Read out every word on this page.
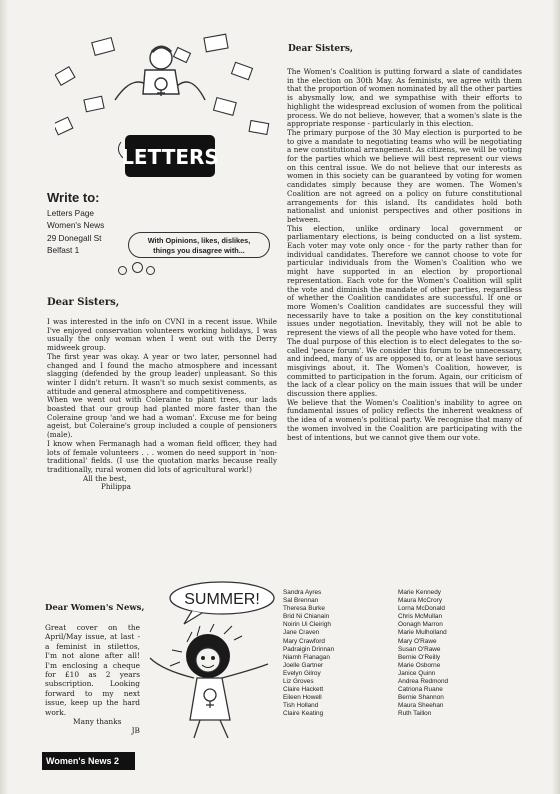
LETTERS
Write to:
Letters Page
Women's News
29 Donegall St
Belfast 1
With Opinions, likes, dislikes,
things you disagree with...
Dear Sisters,

I was interested in the info on CVNI in a recent issue. While I've enjoyed conservation volunteers working holidays, I was usually the only woman when I went out with the Derry midweek group.

The first year was okay. A year or two later, personnel had changed and I found the macho atmosphere and incessant slagging (defended by the group leader) unpleasant. So this winter I didn't return. It wasn't so much sexist comments, as attitude and general atmosphere and competitiveness.

When we went out with Coleraine to plant trees, our lads boasted that our group had planted more faster than the Coleraine group 'and we had a woman'. Excuse me for being ageist, but Coleraine's group included a couple of pensioners (male).

I know when Fermanagh had a woman field officer, they had lots of female volunteers . . . women do need support in 'non-traditional' fields. (I use the quotation marks because really traditionally, rural women did lots of agricultural work!)

All the best,

Philippa

Dear Women's News,

Great cover on the April/May issue, at last - a feminist in stilettos, I'm not alone after all! I'm enclosing a cheque for £10 as 2 years subscription. Looking forward to my next issue, keep up the hard work.

Many thanks

JB

SUMMER!
Dear Sisters,

The Women's Coalition is putting forward a slate of candidates in the election on 30th May. As feminists, we agree with them that the proportion of women nominated by all the other parties is abysmally low, and we sympathise with their efforts to highlight the widespread exclusion of women from the political process. We do not believe, however, that a women's slate is the appropriate response - particularly in this election.

The primary purpose of the 30 May election is purported to be to give a mandate to negotiating teams who will be negotiating a new constitutional arrangement. As citizens, we will be voting for the parties which we believe will best represent our views on this central issue. We do not believe that our interests as women in this society can be guaranteed by voting for women candidates simply because they are women. The Women's Coalition are not agreed on a policy on future constitutional arrangements for this island. Its candidates hold both nationalist and unionist perspectives and other positions in between.

This election, unlike ordinary local government or parliamentary elections, is being conducted on a list system. Each voter may vote only once - for the party rather than for individual candidates. Therefore we cannot choose to vote for particular individuals from the Women's Coalition who we might have supported in an election by proportional representation. Each vote for the Women's Coalition will split the vote and diminish the mandate of other parties, regardless of whether the Coalition candidates are successful. If one or more Women's Coalition candidates are successful they will necessarily have to take a position on the key constitutional issues under negotiation. Inevitably, they will not be able to represent the views of all the people who have voted for them.

The dual purpose of this election is to elect delegates to the so-called 'peace forum'. We consider this forum to be unnecessary, and indeed, many of us are opposed to, or at least have serious misgivings about, it. The Women's Coalition, however, is committed to participation in the forum. Again, our criticism of the lack of a clear policy on the main issues that will be under discussion there applies.

We believe that the Women's Coalition's inability to agree on fundamental issues of policy reflects the inherent weakness of the idea of a women's political party. We recognise that many of the women involved in the Coalition are participating with the best of intentions, but we cannot give them our vote.

Sandra Ayres
Sal Brennan
Theresa Burke
Brid Ni Chianain
Noirin Ui Cleirigh
Jane Craven
Mary Crawford
Padraigin Drinnan
Niamh Flanagan
Joelle Gartner
Evelyn Gilroy
Liz Groves
Claire Hackett
Eileen Howell
Tish Holland
Claire Keating
Marie Kennedy
Maura McCrory
Lorna McDonald
Chris McMullan
Oonagh Marron
Marie Mulholland
Mary O'Rawe
Susan O'Rawe
Bernie O'Reilly
Marie Osborne
Janice Quinn
Andrea Redmond
Catriona Ruane
Bernie Shannon
Maura Sheehan
Ruth Taillon
Women's News 2
